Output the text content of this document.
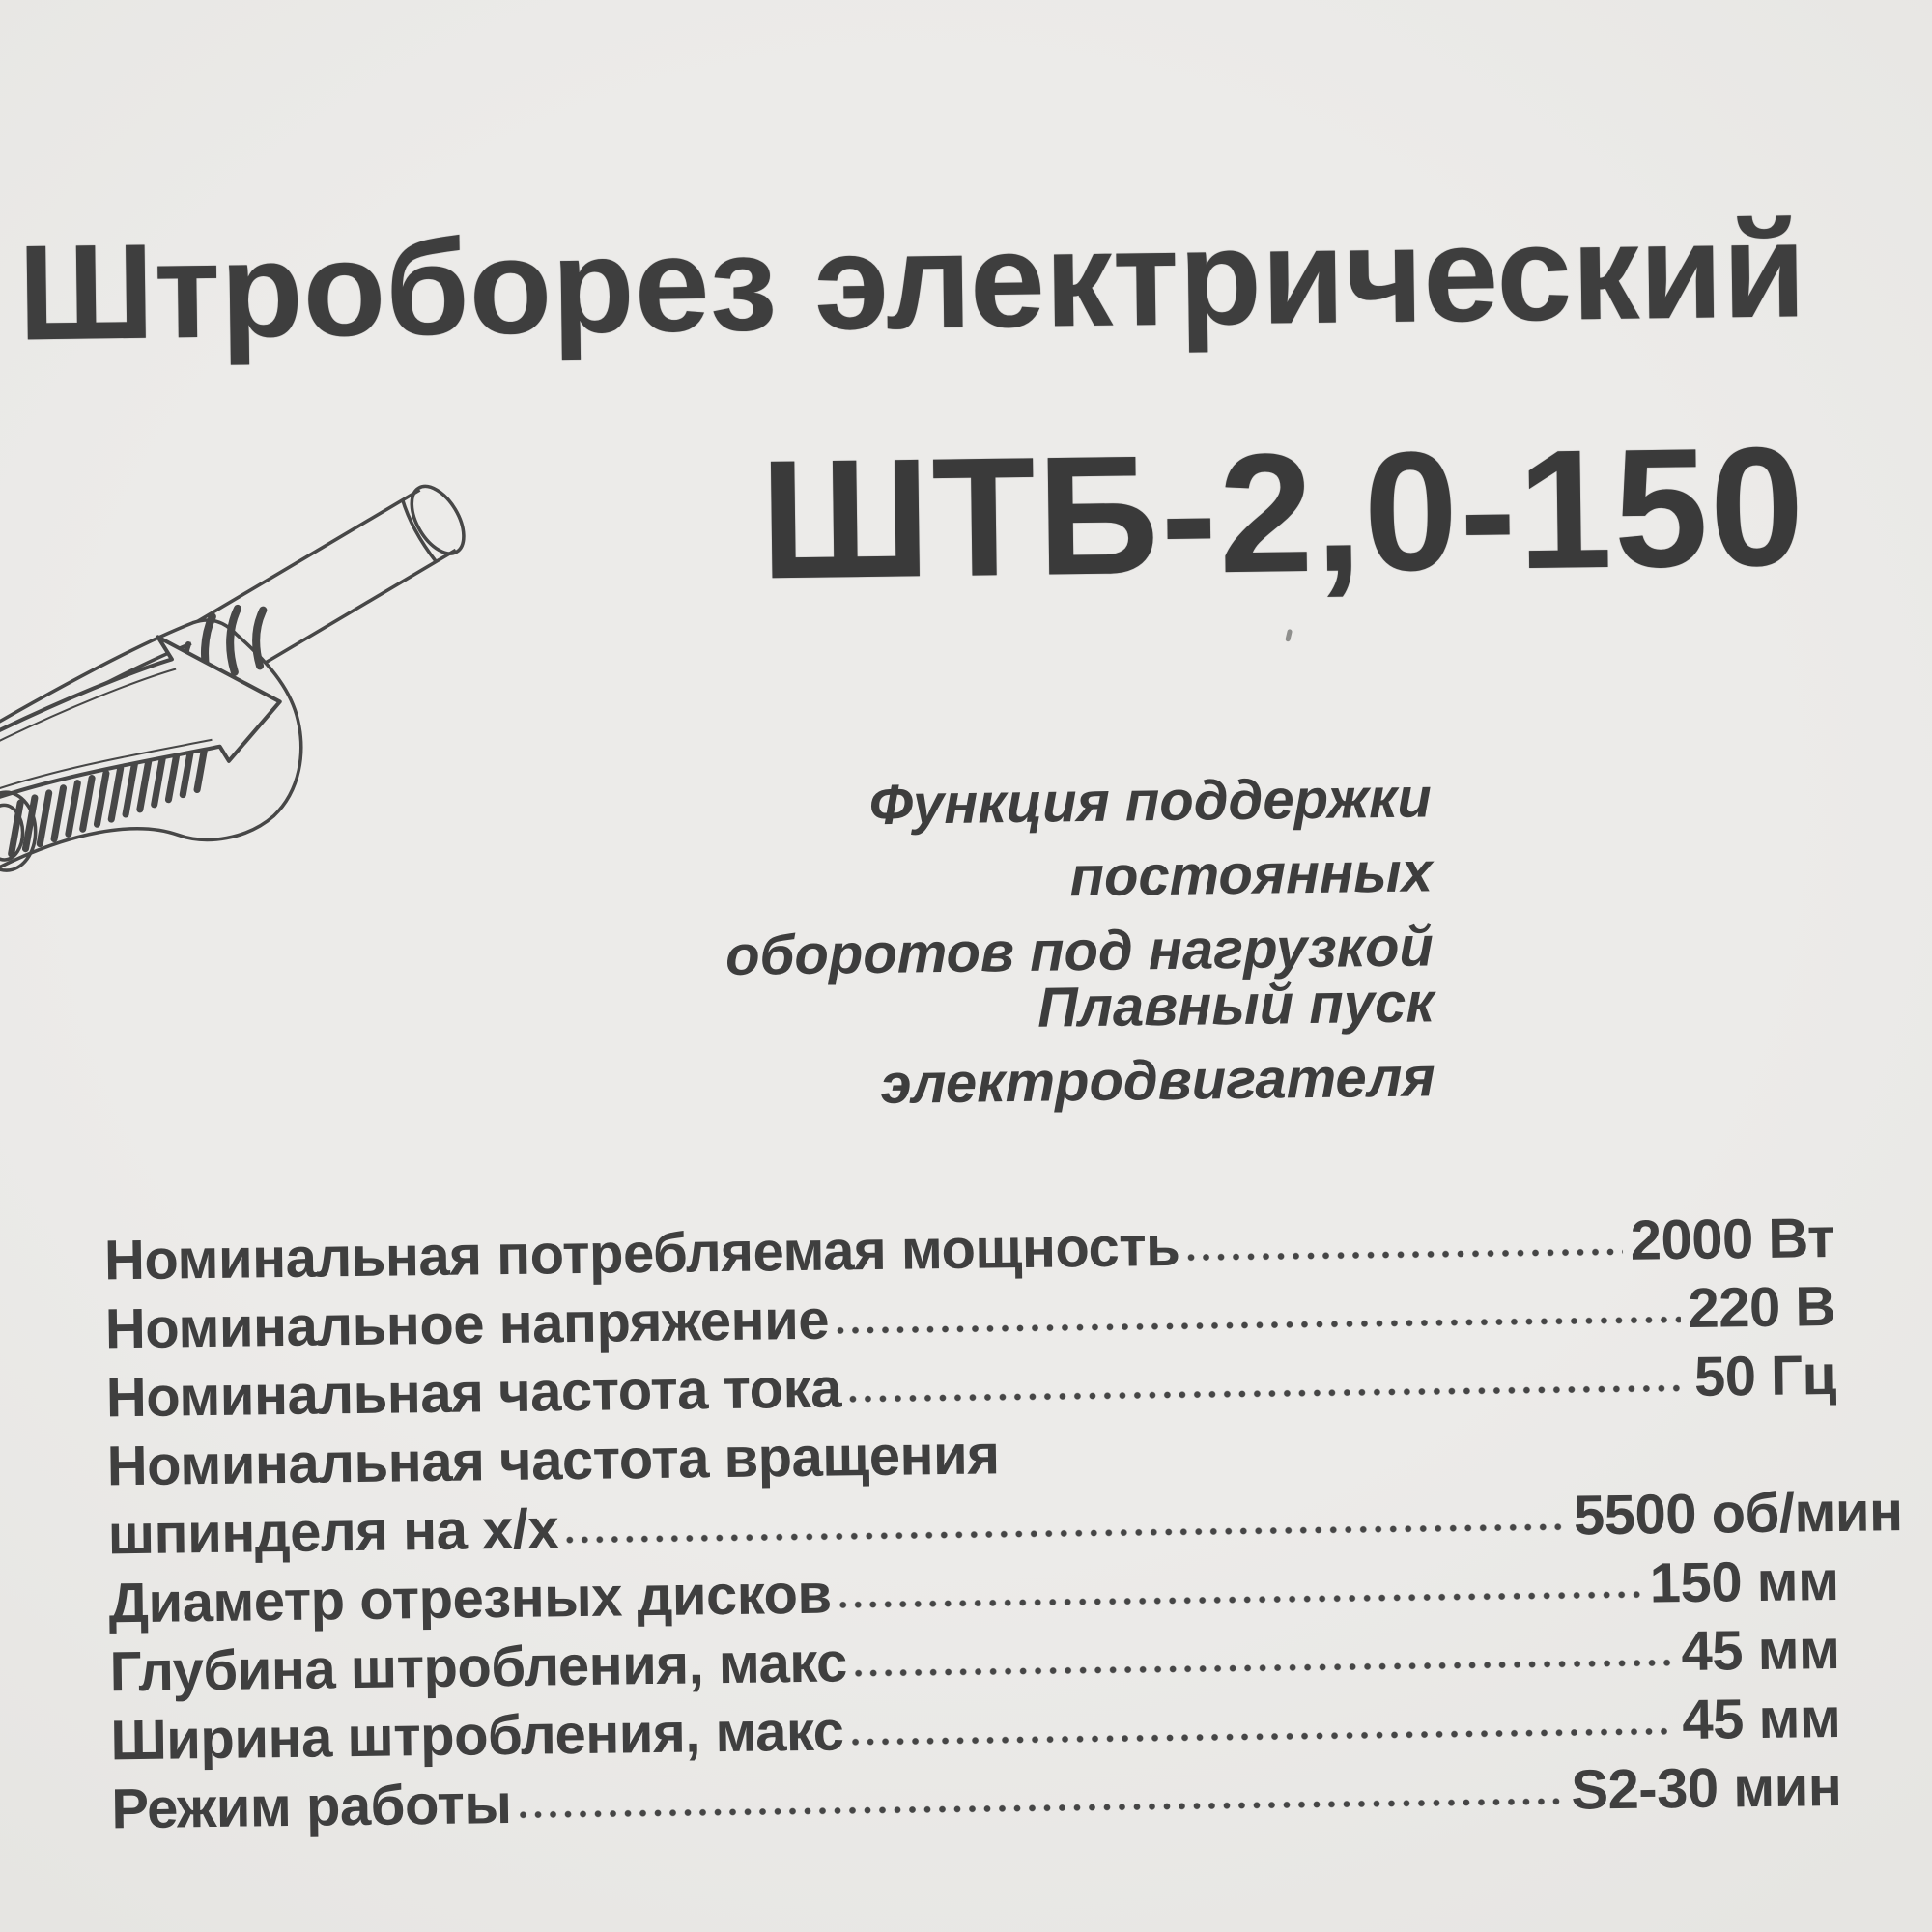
Штроборез электрический
ШТБ-2,0-150
Функция поддержки постоянных
оборотов под нагрузкой
Плавный пуск электродвигателя
Номинальная потребляемая мощность	2000 Вт
Номинальное напряжение	220 В
Номинальная частота тока	50 Гц
Номинальная частота вращения
шпинделя на х/х	5500 об/мин
Диаметр отрезных дисков	150 мм
Глубина штробления, макс	45 мм
Ширина штробления, макс	45 мм
Режим работы	S2-30 мин
